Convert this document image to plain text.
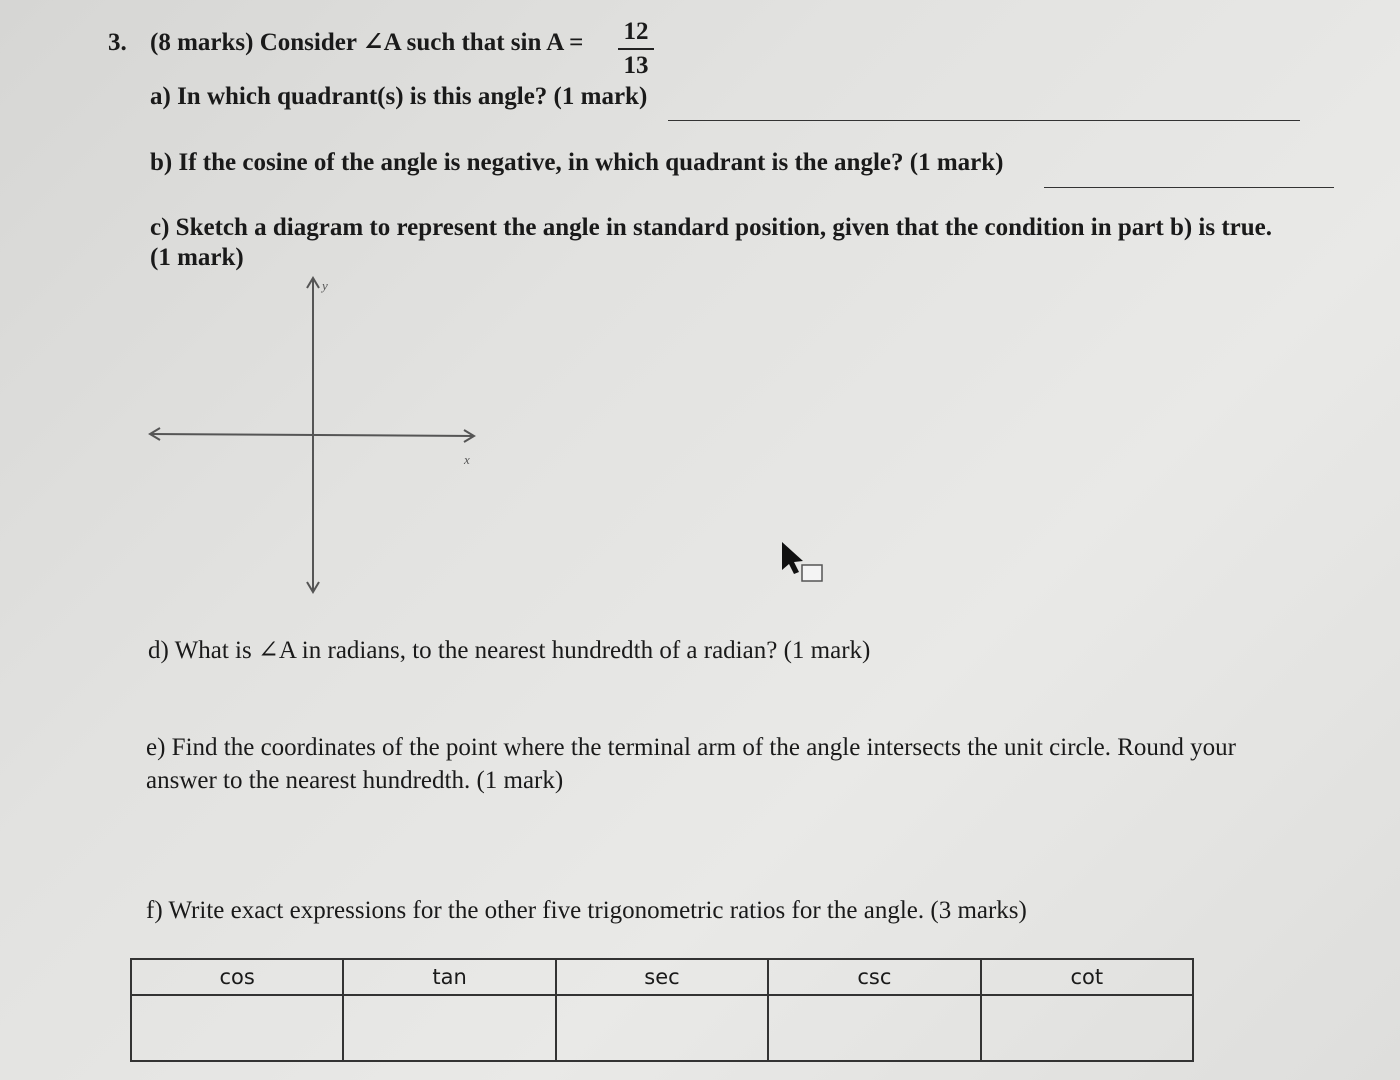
3. (8 marks) Consider ∠A such that sin A = 12
13
a) In which quadrant(s) is this angle? (1 mark)
b) If the cosine of the angle is negative, in which quadrant is the angle? (1 mark)
c) Sketch a diagram to represent the angle in standard position, given that the condition in part b) is true.
(1 mark)
y
x
d) What is ∠A in radians, to the nearest hundredth of a radian? (1 mark)
e) Find the coordinates of the point where the terminal arm of the angle intersects the unit circle. Round your
answer to the nearest hundredth. (1 mark)
f) Write exact expressions for the other five trigonometric ratios for the angle. (3 marks)
cos	tan	sec	csc	cot
